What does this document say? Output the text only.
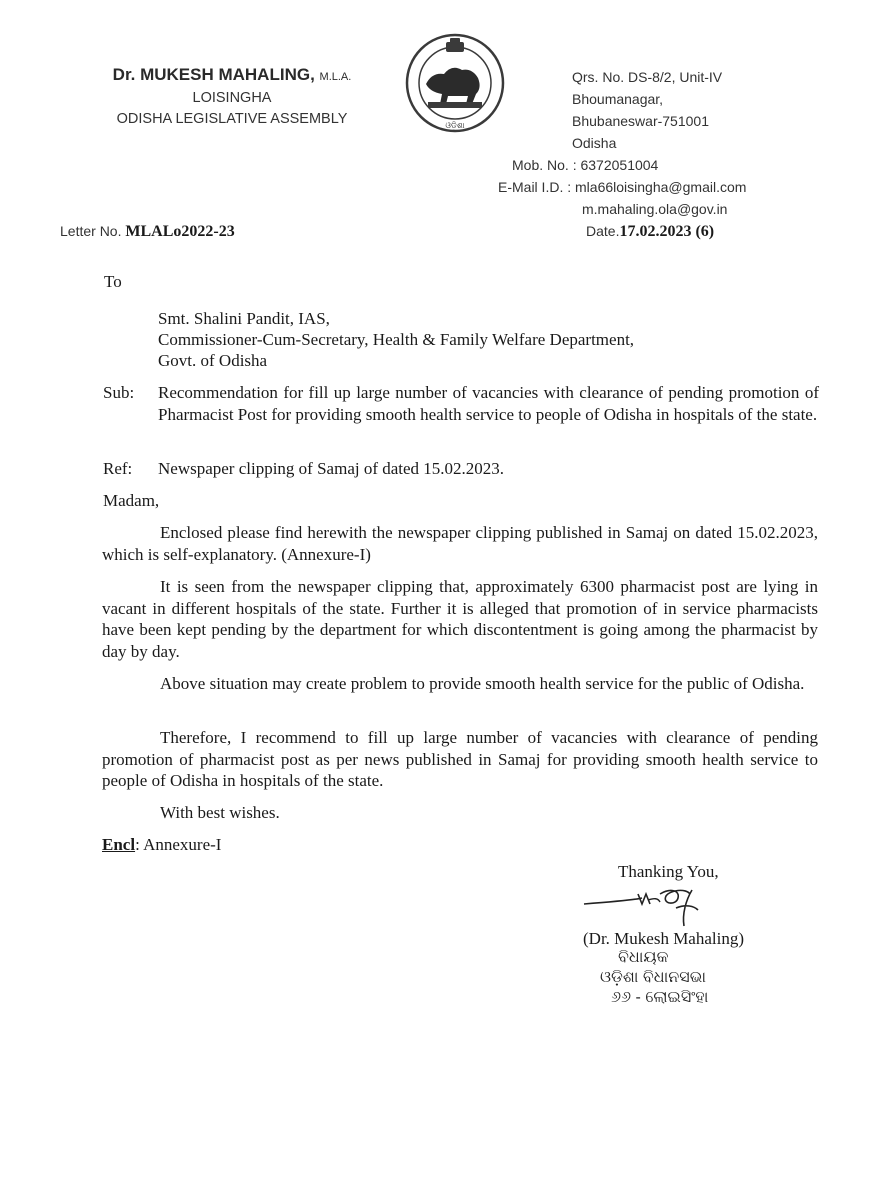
Dr. MUKESH MAHALING, M.L.A.
LOISINGHA
ODISHA LEGISLATIVE ASSEMBLY	ଓଡ଼ିଶା
Qrs. No. DS-8/2, Unit-IV
Bhoumanagar,
Bhubaneswar-751001
Odisha
Mob. No. : 6372051004
E-Mail I.D. : mla66loisingha@gmail.com
m.mahaling.ola@gov.in
Letter No. MLALo2022-23	Date.17.02.2023 (6)
To
Smt. Shalini Pandit, IAS,
Commissioner-Cum-Secretary, Health & Family Welfare Department,
Govt. of Odisha
Sub: Recommendation for fill up large number of vacancies with clearance of pending promotion of Pharmacist Post for providing smooth health service to people of Odisha in hospitals of the state.
Ref: Newspaper clipping of Samaj of dated 15.02.2023.
Madam,
Enclosed please find herewith the newspaper clipping published in Samaj on dated 15.02.2023, which is self-explanatory. (Annexure-I)
It is seen from the newspaper clipping that, approximately 6300 pharmacist post are lying in vacant in different hospitals of the state. Further it is alleged that promotion of in service pharmacists have been kept pending by the department for which discontentment is going among the pharmacist by day by day.
Above situation may create problem to provide smooth health service for the public of Odisha.
Therefore, I recommend to fill up large number of vacancies with clearance of pending promotion of pharmacist post as per news published in Samaj for providing smooth health service to people of Odisha in hospitals of the state.
With best wishes.
Encl: Annexure-I
Thanking You,
(Dr. Mukesh Mahaling)
ବିଧାୟକ
ଓଡ଼ିଶା ବିଧାନସଭା
୬୬ - ଲୋଇସିଂହା
